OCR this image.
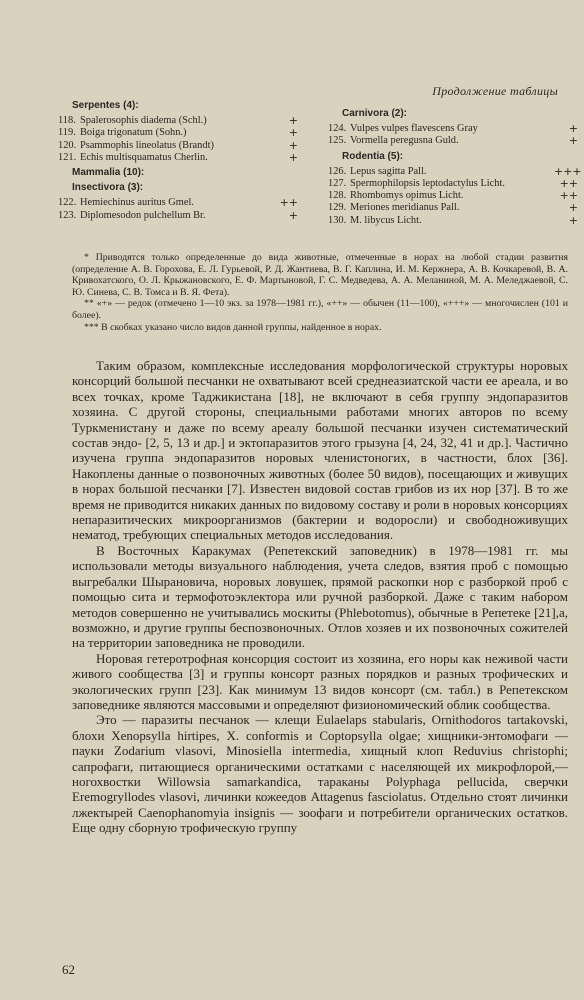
Продолжение таблицы
Serpentes (4):
118. Spalerosophis diadema (Schl.)	+
119. Boiga trigonatum (Sohn.)	+
120. Psammophis lineolatus (Brandt)	+
121. Echis multisquamatus Cherlin.	+
Mammalia (10):
Insectivora (3):
122. Hemiechinus auritus Gmel.	++
123. Diplomesodon pulchellum Br.	+
Carnivora (2):
124. Vulpes vulpes flavescens Gray	+
125. Vormella peregusna Guld.	+
Rodentia (5):
126. Lepus sagitta Pall.	+++
127. Spermophilopsis leptodactylus Licht.	++
128. Rhombomys opimus Licht.	++
129. Meriones meridianus Pall.	+
130. M. libycus Licht.	+

* Приводятся только определенные до вида животные, отмеченные в норах на любой стадии развития (определение А. В. Горохова, Е. Л. Гурьевой, Р. Д. Жантиева, В. Г. Каплина, И. М. Кержнера, А. В. Кочкаревой, В. А. Кривохатского, О. Л. Крыжановского, Е. Ф. Мартыновой, Г. С. Медведева, А. А. Меланиной, М. А. Меледжаевой, С. Ю. Синева, С. В. Томса и В. Я. Фета).

** «+» — редок (отмечено 1—10 экз. за 1978—1981 гг.), «++» — обычен (11—100), «+++» — многочислен (101 и более).

*** В скобках указано число видов данной группы, найденное в норах.

Таким образом, комплексные исследования морфологической структуры норовых консорций большой песчанки не охватывают всей среднеазиатской части ее ареала, и во всех точках, кроме Таджикистана [18], не включают в себя группу эндопаразитов хозяина. С другой стороны, специальными работами многих авторов по всему Туркменистану и даже по всему ареалу большой песчанки изучен систематический состав эндо- [2, 5, 13 и др.] и эктопаразитов этого грызуна [4, 24, 32, 41 и др.]. Частично изучена группа эндопаразитов норовых членистоногих, в частности, блох [36]. Накоплены данные о позвоночных животных (более 50 видов), посещающих и живущих в норах большой песчанки [7]. Известен видовой состав грибов из их нор [37]. В то же время не приводится никаких данных по видовому составу и роли в норовых консорциях непаразитических микроорганизмов (бактерии и водоросли) и свободноживущих нематод, требующих специальных методов исследования.

В Восточных Каракумах (Репетекский заповедник) в 1978—1981 гг. мы использовали методы визуального наблюдения, учета следов, взятия проб с помощью выгребалки Шырановича, норовых ловушек, прямой раскопки нор с разборкой проб с помощью сита и термофотоэклектора или ручной разборкой. Даже с таким набором методов совершенно не учитывались москиты (Phlebotomus), обычные в Репетеке [21],а, возможно, и другие группы беспозвоночных. Отлов хозяев и их позвоночных сожителей на территории заповедника не проводили.

Норовая гетеротрофная консорция состоит из хозяина, его норы как неживой части живого сообщества [3] и группы консорт разных порядков и разных трофических и экологических групп [23]. Как минимум 13 видов консорт (см. табл.) в Репетекском заповеднике являются массовыми и определяют физиономический облик сообщества.

Это — паразиты песчанок — клещи Eulaelaps stabularis, Ornithodoros tartakovski, блохи Xenopsylla hirtipes, X. conformis и Coptopsylla olgae; хищники-энтомофаги — пауки Zodarium vlasovi, Minosiella intermedia, хищный клоп Reduvius christophi; сапрофаги, питающиеся органическими остатками с населяющей их микрофлорой,— ногохвостки Willowsia samarkandica, тараканы Polyphaga pellucida, сверчки Eremogryllodes vlasovi, личинки кожеедов Attagenus fasciolatus. Отдельно стоят личинки лжектырей Caenophanomyia insignis — зоофаги и потребители органических остатков. Еще одну сборную трофическую группу

62
